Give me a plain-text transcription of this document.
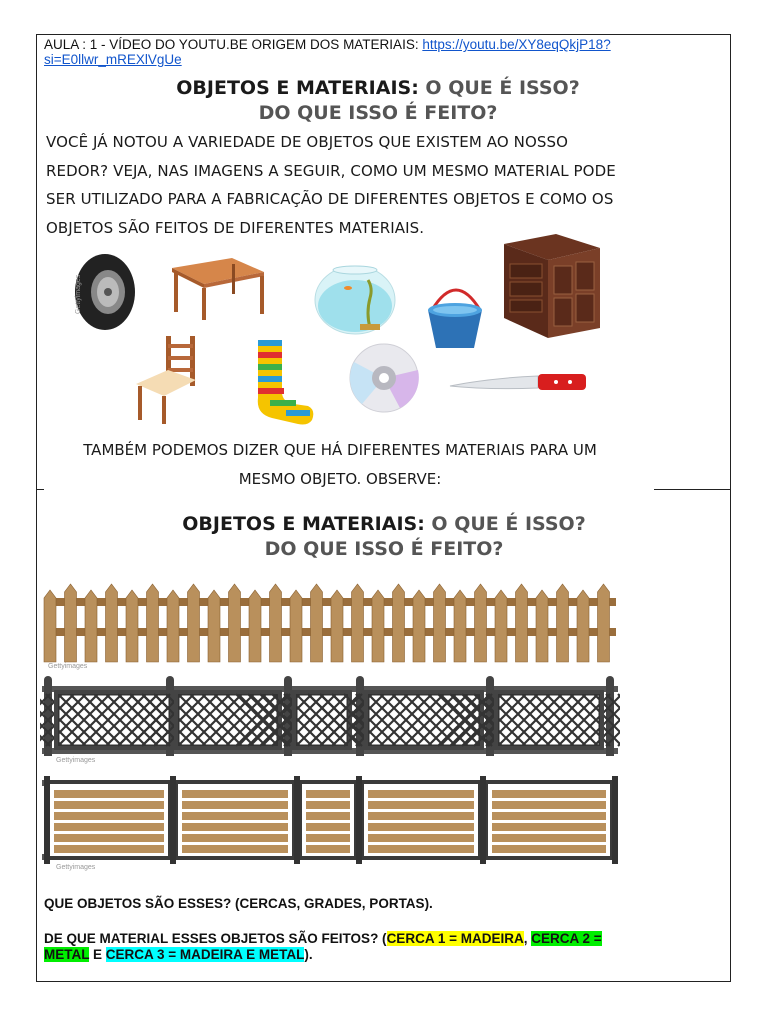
AULA : 1 - VÍDEO DO YOUTU.BE ORIGEM DOS MATERIAIS: https://youtu.be/XY8eqQkjP18?
si=E0llwr_mREXlVgUe
OBJETOS E MATERIAIS: O QUE É ISSO?
DO QUE ISSO É FEITO?
VOCÊ JÁ NOTOU A VARIEDADE DE OBJETOS QUE EXISTEM AO NOSSO
REDOR? VEJA, NAS IMAGENS A SEGUIR, COMO UM MESMO MATERIAL PODE
SER UTILIZADO PARA A FABRICAÇÃO DE DIFERENTES OBJETOS E COMO OS
OBJETOS SÃO FEITOS DE DIFERENTES MATERIAIS.
Gettyimages
TAMBÉM PODEMOS DIZER QUE HÁ DIFERENTES MATERIAIS PARA UM
MESMO OBJETO. OBSERVE:
OBJETOS E MATERIAIS: O QUE É ISSO?
DO QUE ISSO É FEITO?
Gettyimages
Gettyimages
Gettyimages
QUE OBJETOS SÃO ESSES? (CERCAS, GRADES, PORTAS).
DE QUE MATERIAL ESSES OBJETOS SÃO FEITOS? (CERCA 1 = MADEIRA, CERCA 2 =
METAL E CERCA 3 = MADEIRA E METAL).
